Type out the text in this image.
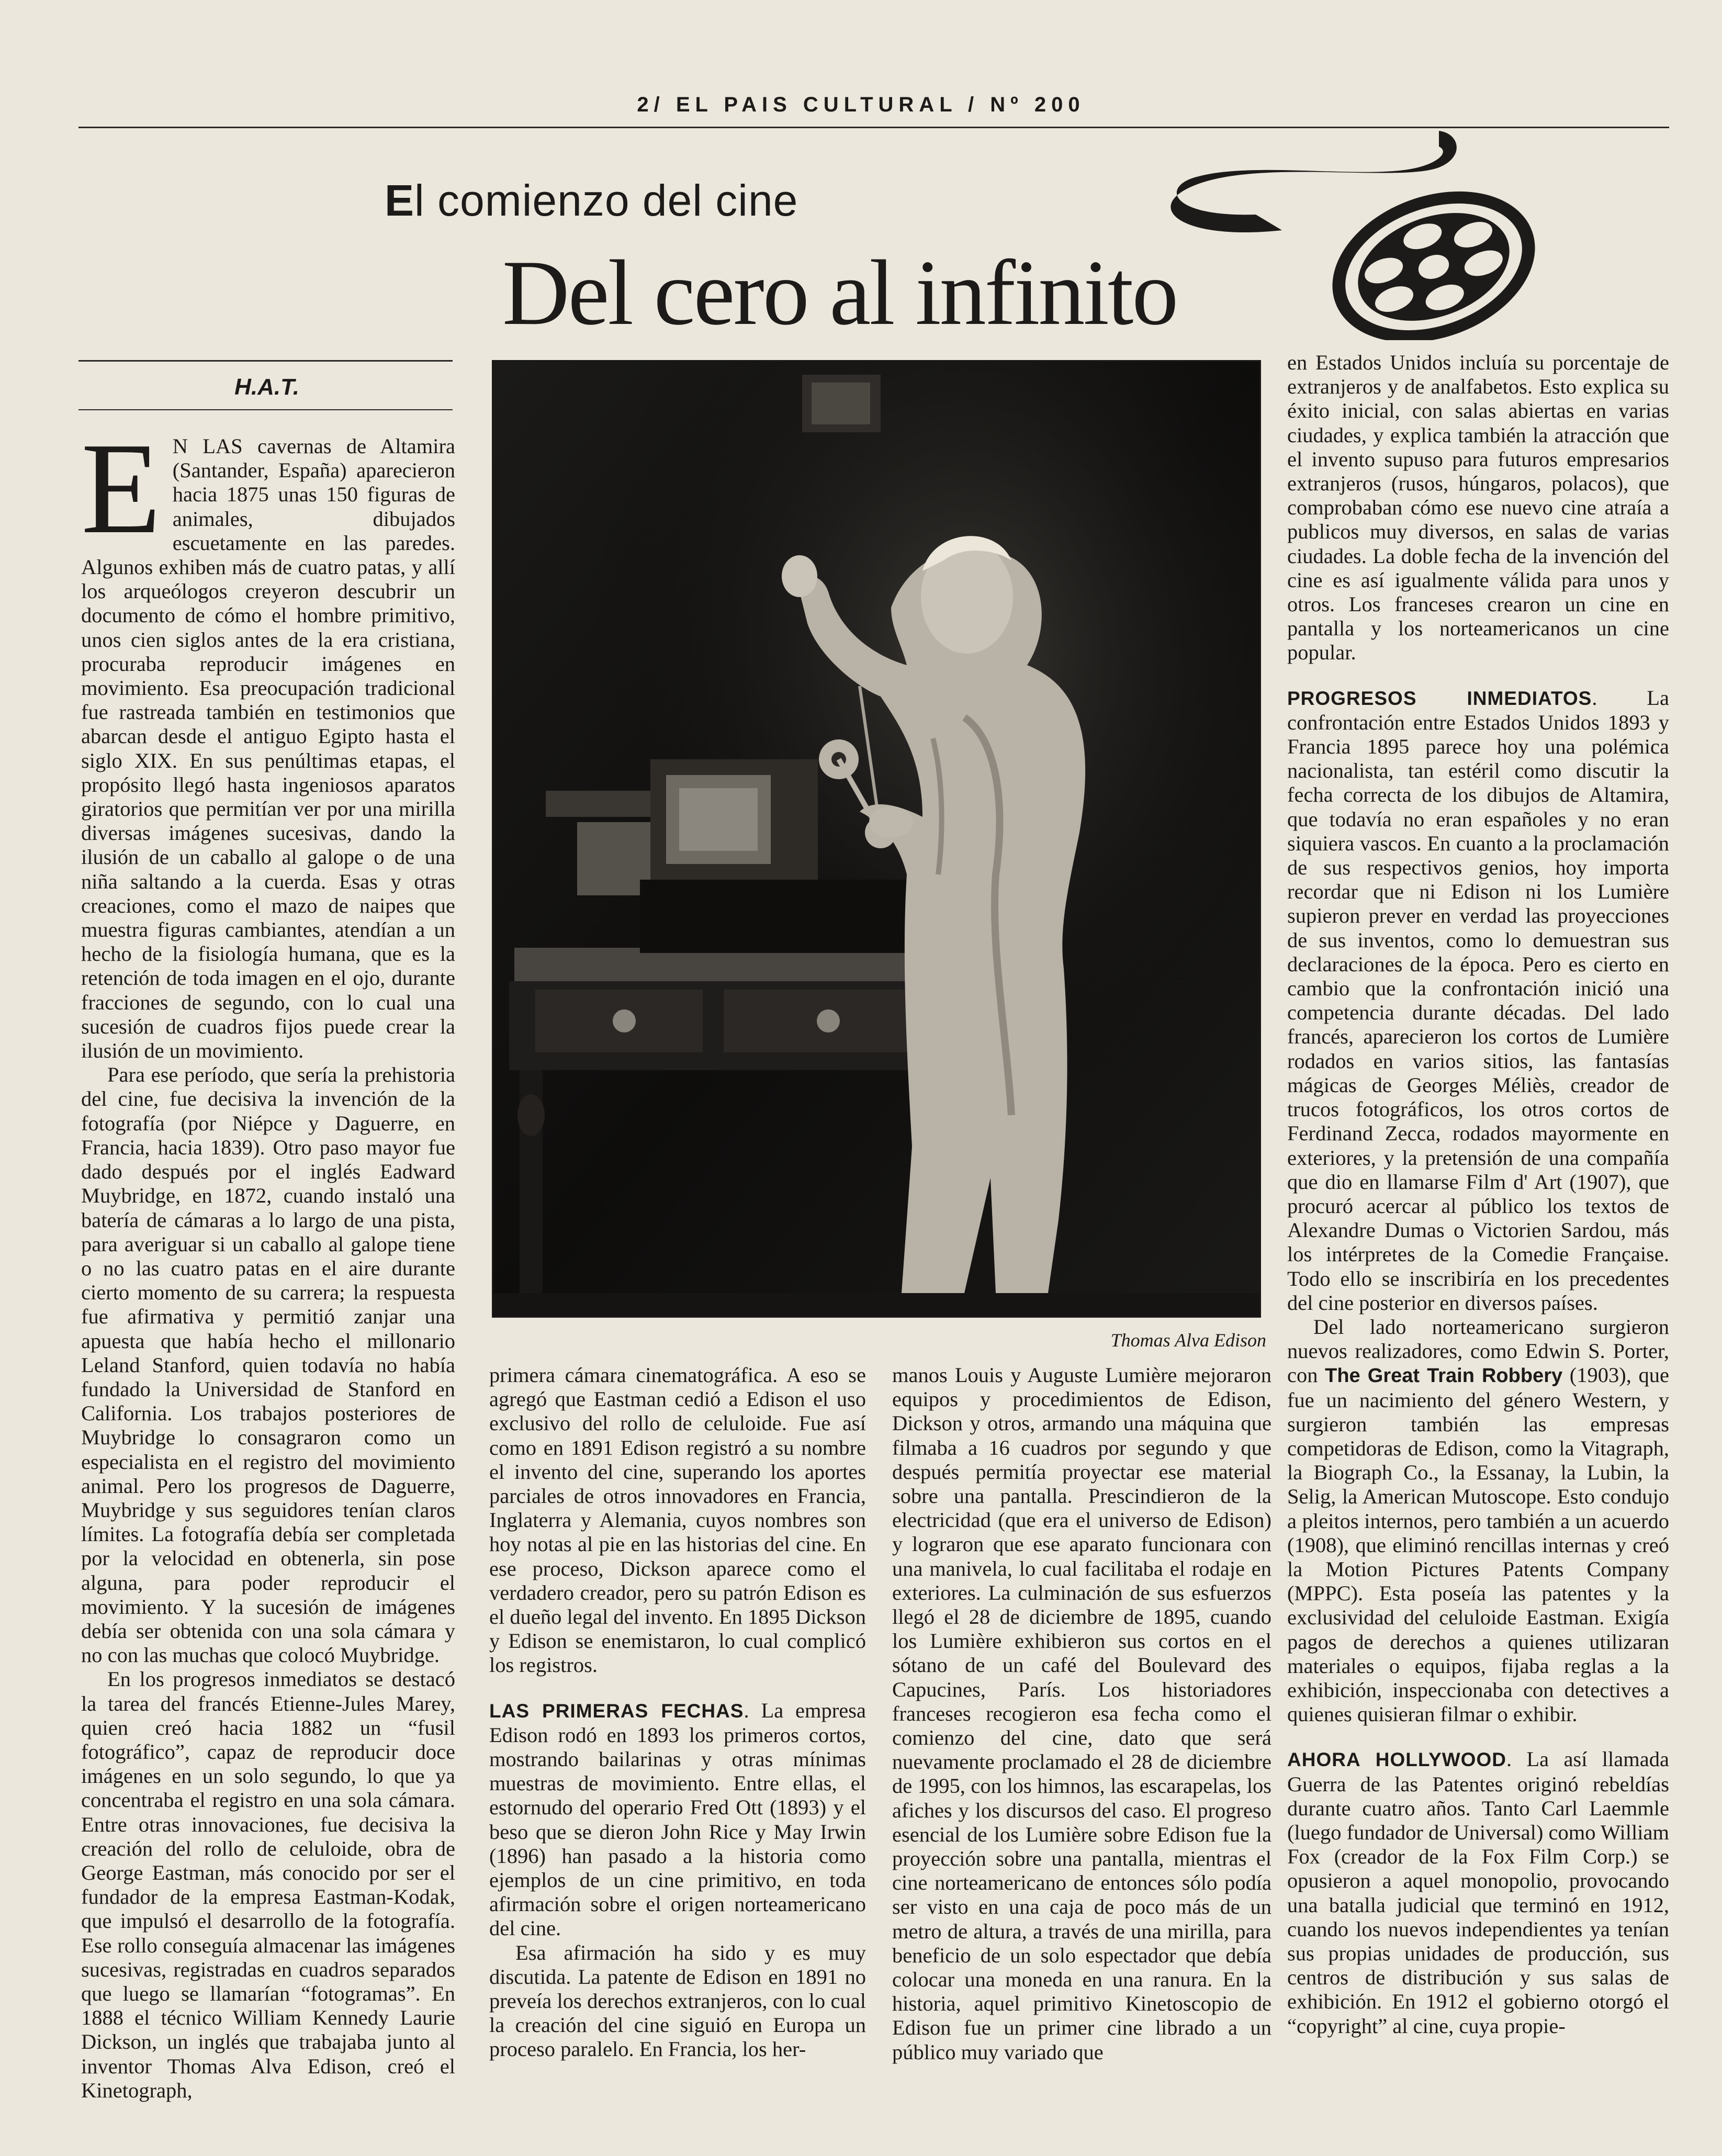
2/ EL PAIS CULTURAL / Nº 200
El comienzo del cine
Del cero al infinito
H.A.T.

E N LAS cavernas de Altamira (Santander, España) aparecieron hacia 1875 unas 150 figuras de animales, dibujados escuetamente en las paredes. Algunos exhiben más de cuatro patas, y allí los arqueólogos creyeron descubrir un documento de cómo el hombre primitivo, unos cien siglos antes de la era cristiana, procuraba reproducir imágenes en movimiento. Esa preocupación tradicional fue rastreada también en testimonios que abarcan desde el antiguo Egipto hasta el siglo XIX. En sus penúltimas etapas, el propósito llegó hasta ingeniosos aparatos giratorios que permitían ver por una mirilla diversas imágenes sucesivas, dando la ilusión de un caballo al galope o de una niña saltando a la cuerda. Esas y otras creaciones, como el mazo de naipes que muestra figuras cambiantes, atendían a un hecho de la fisiología humana, que es la retención de toda imagen en el ojo, durante fracciones de segundo, con lo cual una sucesión de cuadros fijos puede crear la ilusión de un movimiento.

Para ese período, que sería la prehistoria del cine, fue decisiva la invención de la fotografía (por Niépce y Daguerre, en Francia, hacia 1839). Otro paso mayor fue dado después por el inglés Eadward Muybridge, en 1872, cuando instaló una batería de cámaras a lo largo de una pista, para averiguar si un caballo al galope tiene o no las cuatro patas en el aire durante cierto momento de su carrera; la respuesta fue afirmativa y permitió zanjar una apuesta que había hecho el millonario Leland Stanford, quien todavía no había fundado la Universidad de Stanford en California. Los trabajos posteriores de Muybridge lo consagraron como un especialista en el registro del movimiento animal. Pero los progresos de Daguerre, Muybridge y sus seguidores tenían claros límites. La fotografía debía ser completada por la velocidad en obtenerla, sin pose alguna, para poder reproducir el movimiento. Y la sucesión de imágenes debía ser obtenida con una sola cámara y no con las muchas que colocó Muybridge.

En los progresos inmediatos se destacó la tarea del francés Etienne-Jules Marey, quien creó hacia 1882 un “fusil fotográfico”, capaz de reproducir doce imágenes en un solo segundo, lo que ya concentraba el registro en una sola cámara. Entre otras innovaciones, fue decisiva la creación del rollo de celuloide, obra de George Eastman, más conocido por ser el fundador de la empresa Eastman-Kodak, que impulsó el desarrollo de la fotografía. Ese rollo conseguía almacenar las imágenes sucesivas, registradas en cuadros separados que luego se llamarían “fotogramas”. En 1888 el técnico William Kennedy Laurie Dickson, un inglés que trabajaba junto al inventor Thomas Alva Edison, creó el Kinetograph,

Thomas Alva Edison

primera cámara cinematográfica. A eso se agregó que Eastman cedió a Edison el uso exclusivo del rollo de celuloide. Fue así como en 1891 Edison registró a su nombre el invento del cine, superando los aportes parciales de otros innovadores en Francia, Inglaterra y Alemania, cuyos nombres son hoy notas al pie en las historias del cine. En ese proceso, Dickson aparece como el verdadero creador, pero su patrón Edison es el dueño legal del invento. En 1895 Dickson y Edison se enemistaron, lo cual complicó los registros.

LAS PRIMERAS FECHAS. La empresa Edison rodó en 1893 los primeros cortos, mostrando bailarinas y otras mínimas muestras de movimiento. Entre ellas, el estornudo del operario Fred Ott (1893) y el beso que se dieron John Rice y May Irwin (1896) han pasado a la historia como ejemplos de un cine primitivo, en toda afirmación sobre el origen norteamericano del cine.

Esa afirmación ha sido y es muy discutida. La patente de Edison en 1891 no preveía los derechos extranjeros, con lo cual la creación del cine siguió en Europa un proceso paralelo. En Francia, los her-

manos Louis y Auguste Lumière mejoraron equipos y procedimientos de Edison, Dickson y otros, armando una máquina que filmaba a 16 cuadros por segundo y que después permitía proyectar ese material sobre una pantalla. Prescindieron de la electricidad (que era el universo de Edison) y lograron que ese aparato funcionara con una manivela, lo cual facilitaba el rodaje en exteriores. La culminación de sus esfuerzos llegó el 28 de diciembre de 1895, cuando los Lumière exhibieron sus cortos en el sótano de un café del Boulevard des Capucines, París. Los historiadores franceses recogieron esa fecha como el comienzo del cine, dato que será nuevamente proclamado el 28 de diciembre de 1995, con los himnos, las escarapelas, los afiches y los discursos del caso. El progreso esencial de los Lumière sobre Edison fue la proyección sobre una pantalla, mientras el cine norteamericano de entonces sólo podía ser visto en una caja de poco más de un metro de altura, a través de una mirilla, para beneficio de un solo espectador que debía colocar una moneda en una ranura. En la historia, aquel primitivo Kinetoscopio de Edison fue un primer cine librado a un público muy variado que

en Estados Unidos incluía su porcentaje de extranjeros y de analfabetos. Esto explica su éxito inicial, con salas abiertas en varias ciudades, y explica también la atracción que el invento supuso para futuros empresarios extranjeros (rusos, húngaros, polacos), que comprobaban cómo ese nuevo cine atraía a publicos muy diversos, en salas de varias ciudades. La doble fecha de la invención del cine es así igualmente válida para unos y otros. Los franceses crearon un cine en pantalla y los norteamericanos un cine popular.

PROGRESOS INMEDIATOS. La confrontación entre Estados Unidos 1893 y Francia 1895 parece hoy una polémica nacionalista, tan estéril como discutir la fecha correcta de los dibujos de Altamira, que todavía no eran españoles y no eran siquiera vascos. En cuanto a la proclamación de sus respectivos genios, hoy importa recordar que ni Edison ni los Lumière supieron prever en verdad las proyecciones de sus inventos, como lo demuestran sus declaraciones de la época. Pero es cierto en cambio que la confrontación inició una competencia durante décadas. Del lado francés, aparecieron los cortos de Lumière rodados en varios sitios, las fantasías mágicas de Georges Méliès, creador de trucos fotográficos, los otros cortos de Ferdinand Zecca, rodados mayormente en exteriores, y la pretensión de una compañía que dio en llamarse Film d' Art (1907), que procuró acercar al público los textos de Alexandre Dumas o Victorien Sardou, más los intérpretes de la Comedie Française. Todo ello se inscribiría en los precedentes del cine posterior en diversos países.

Del lado norteamericano surgieron nuevos realizadores, como Edwin S. Porter, con The Great Train Robbery (1903), que fue un nacimiento del género Western, y surgieron también las empresas competidoras de Edison, como la Vitagraph, la Biograph Co., la Essanay, la Lubin, la Selig, la American Mutoscope. Esto condujo a pleitos internos, pero también a un acuerdo (1908), que eliminó rencillas internas y creó la Motion Pictures Patents Company (MPPC). Esta poseía las patentes y la exclusividad del celuloide Eastman. Exigía pagos de derechos a quienes utilizaran materiales o equipos, fijaba reglas a la exhibición, inspeccionaba con detectives a quienes quisieran filmar o exhibir.

AHORA HOLLYWOOD. La así llamada Guerra de las Patentes originó rebeldías durante cuatro años. Tanto Carl Laemmle (luego fundador de Universal) como William Fox (creador de la Fox Film Corp.) se opusieron a aquel monopolio, provocando una batalla judicial que terminó en 1912, cuando los nuevos independientes ya tenían sus propias unidades de producción, sus centros de distribución y sus salas de exhibición. En 1912 el gobierno otorgó el “copyright” al cine, cuya propie-
